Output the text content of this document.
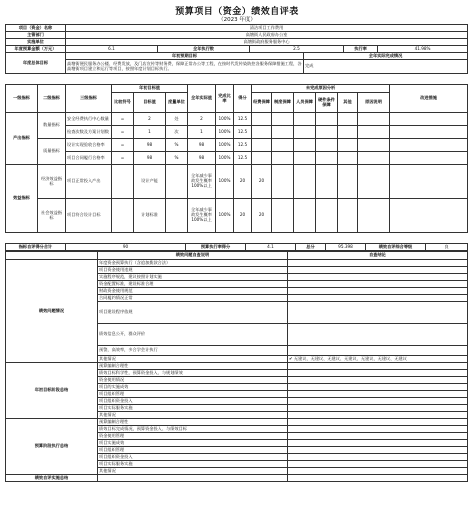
预算项目（资金）绩效自评表
（2023 年度）
项目（资金）名称	清洁项目工作费用					
主管部门	高塘街人民政府办公室					
实施单位	高塘街政府服务服务中心					
年度预算金额（万元）	6.1	全年执行数	2.5		执行率	41.98%
年度总体目标	年初预期目标			全年实际完成情况		
	高塘街便民服务办公楼、经费发放，及门店宣传等财务费，保障正常办公等工程，在按时代发传染防控各服务保障措施工程，各高塘街项目建立和运行等项目，按照年度计划目标执行。			完成		
一级指标	二级指标	三级指标	年初目标值			全年实际值	完成比率	得分	未完成原因分析						改进措施
			比较符号	目标值	度量单位				经费保障	制度保障	人员保障	硬件条件保障	其他	原因说明	
产出指标	数量指标	安全经费执行中心数量	=	2	处	2	100%	12.5							
		检查次数及方案计划数	=	1	次	1	100%	12.5							
	质量指标	设计实现验收合格率	=	98	%	98	100%	12.5							
		项目合同履行合格率	=	98	%	98	100%	12.5							
效益指标	经济效益指标	项目正常投入产出		设计产能		全年减少事故发生概率100%以上	100%	20	20						
	社会效益指标	项目符合设计目标		计划标准		全年减少事故发生概率100%以上	100%	20	20						
指标自评得分合计	90	预算执行率得分	4.1	总分	95.398	绩效自评综合等级	良
	绩效问题自查说明	自查结论
绩效问题情况	年度资金预算执行（含追加拨款合法）	
	项目资金使用违规	
	实施程序规范，建议按照计划实施	
	资金配置标准，建设标准合理	
	财政资金使用规范	
	合同履约情况正常	
	项目建设程序依规	
	绩效信息公开，群众评价	
	预警，高效率，多合学会计执行	
	其他情况	✔ 无建议、无建议、无建议、无建议、无建议、无建议、无建议
年初目标阶段总结	预算编制合理性	
	绩效目标科学性，预算资金投入、与规划绩效	
	资金使用情况	
	项目的实施成效	
	项目组织管理	
	项目组织资金投入	
	项目实际服务实施	
	其他情况	
预算阶段执行总结	预算编制合理性	
	绩效目标完成情况，预算资金投入、与绩效目标	
	资金使用管理	
	项目实施成效	
	项目组织管理	
	项目组织资金投入	
	项目实际服务实施	
	其他情况	
绩效自评实施总结		
